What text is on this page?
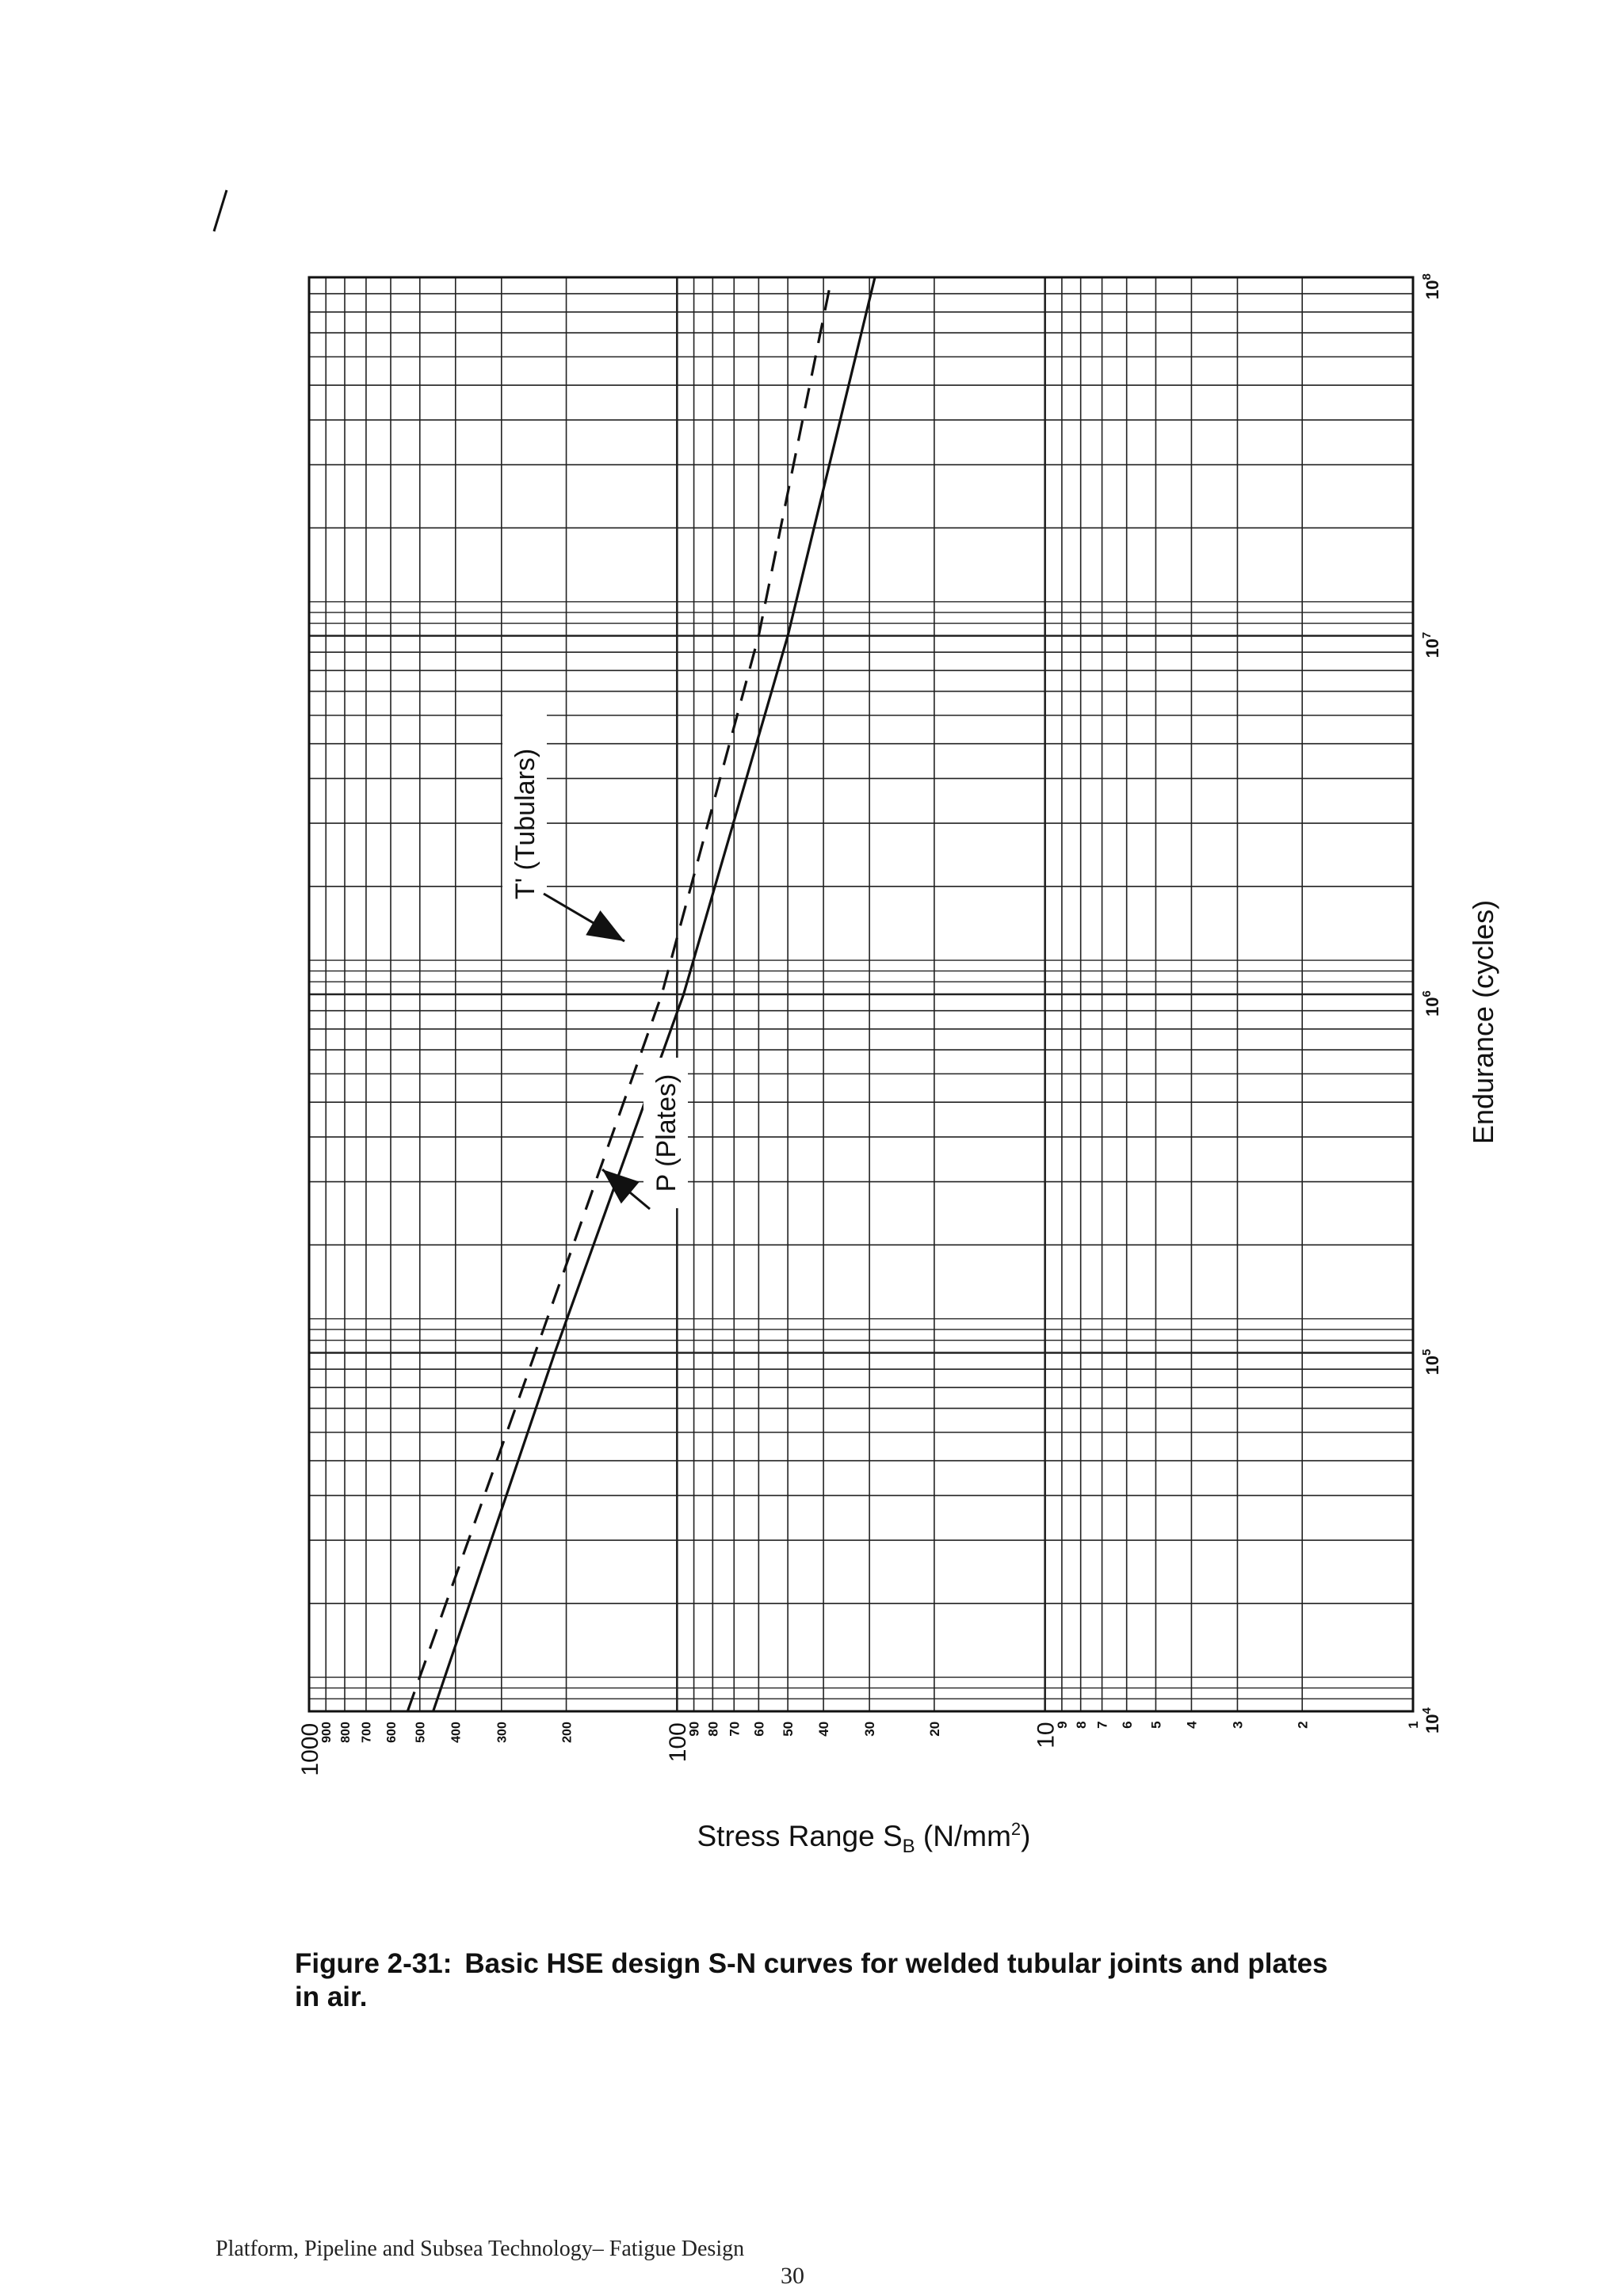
1000
900 800 700 600 500 400	300	200	100
90 80 70 60 50 40 30	20	10
9 8 7 6 5 4 3	2	1 $10^4$
$10^5$
$10^6$
$10^7$
$10^8$
Endurance (cycles)
Stress Range $S_B$ $(N/mm^2)$
T' (Tubulars)
P (Plates)

Figure 2-31: Basic HSE design S-N curves for welded tubular joints and plates in air.

Platform, Pipeline and Subsea Technology– Fatigue Design
30
